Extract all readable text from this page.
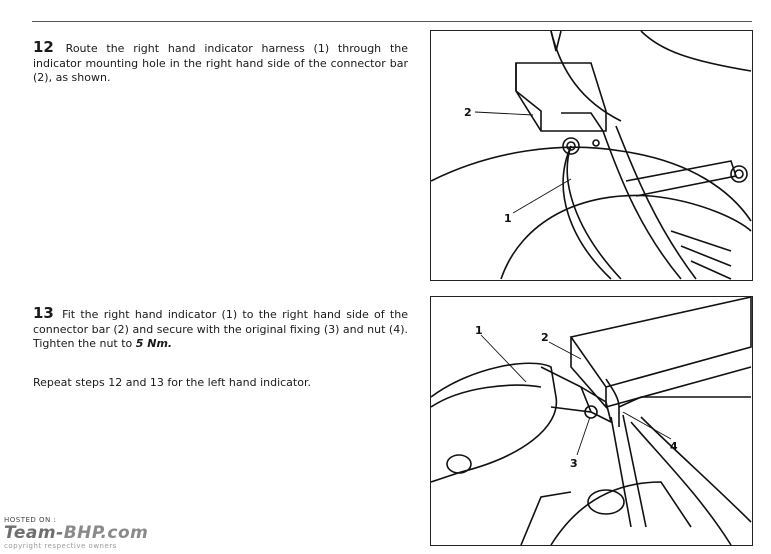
12 Route the right hand indicator harness (1) through the indicator mounting hole in the right hand side of the connector bar (2), as shown.
13 Fit the right hand indicator (1) to the right hand side of the connector bar (2) and secure with the original fixing (3) and nut (4). Tighten the nut to 5 Nm.
Repeat steps 12 and 13 for the left hand indicator.
2
1
1
2
3
4
HOSTED ON :
Team-BHP.com
copyright respective owners
